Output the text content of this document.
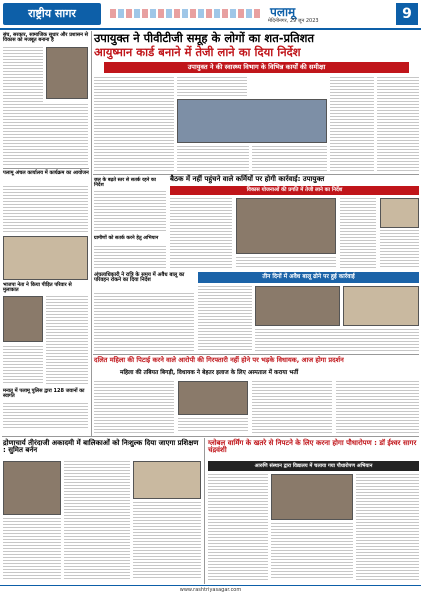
राष्ट्रीय सागर	पलामू
मेदिनीनगर, 29 जून 2023	9
संघ, सरकार, सामाजिक सुधार और प्रशासन से विकास को मजबूत बनाना है
पलामू अंचल कार्यालय में कार्यक्रम का आयोजन
भाजपा नेता ने किया पीड़ित परिवार से मुलाकात
मनातू में पलामू पुलिस द्वारा 128 जवानों का स्वागत
उपायुक्त ने पीवीटीजी समूह के लोगों का शत-प्रतिशत
आयुष्मान कार्ड बनाने में तेजी लाने का दिया निर्देश
उपायुक्त ने की स्वास्थ्य विभाग के विभिन्न कार्यों की समीक्षा
बैठक में नहीं पहुंचने वाले कर्मियों पर होगी कार्रवाई: उपायुक्त
विकास योजनाओं की प्रगति में तेजी लाने का निर्देश
जल के बढ़ते स्तर से सतर्क रहने का निर्देश
ग्रामीणों को सतर्क करने हेतु अभियान
अंचलाधिकारी ने रात्रि के समय में अवैध बालू का परिवहन रोकने का दिया निर्देश
तीन दिनों में अवैध बालू ढोने पर हुई कार्रवाई
दलित महिला की पिटाई करने वाले आरोपी की गिरफ्तारी नहीं होने पर भड़के विधायक, आज होगा प्रदर्शन
महिला की तबियत बिगड़ी, विधायक ने बेहतर इलाज के लिए अस्पताल में कराया भर्ती
द्रोणाचार्य तीरंदाजी अकादमी में बालिकाओं को निःशुल्क दिया जाएगा प्रशिक्षण : सुमित बर्नन
ग्लोबल वार्मिंग के खतरे से निपटने के लिए करना होगा पौधारोपण : डॉ ईश्वर सागर चंद्रवंशी
आरुणि संस्थान द्वारा विद्यालय में चलाया गया पौधारोपण अभियान
www.rashtriyasagar.com
